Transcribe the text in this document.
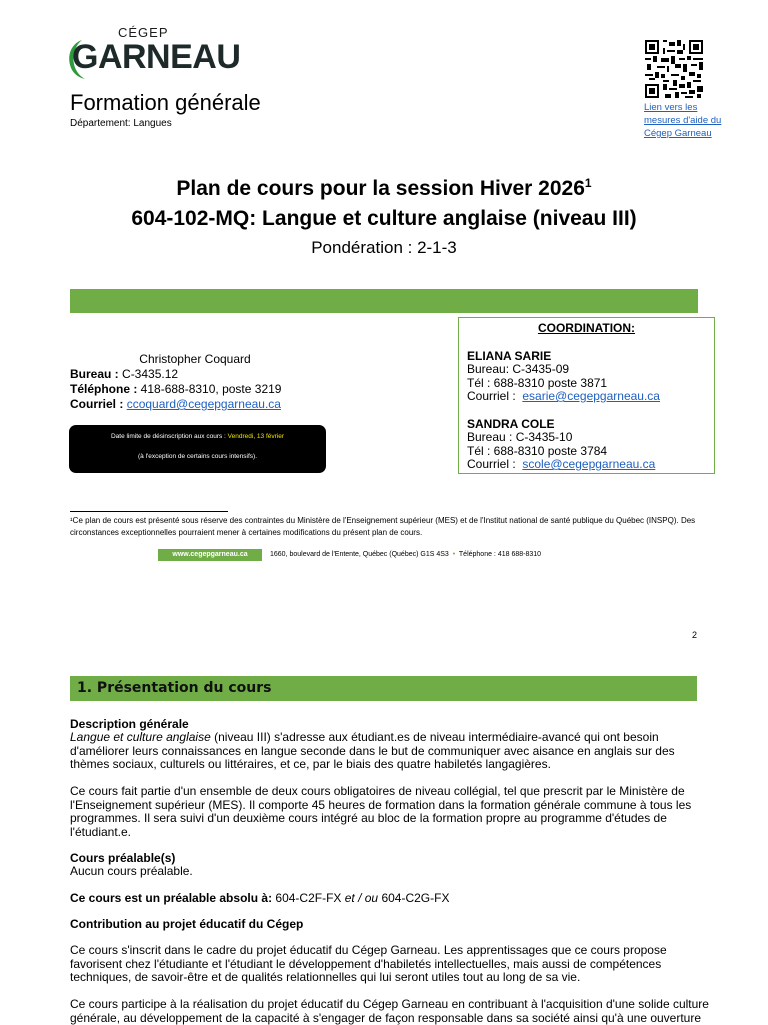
CÉGEP
GARNEAU
Formation générale
Département: Langues
Lien vers les mesures d'aide du Cégep Garneau
Plan de cours pour la session Hiver 2026$^1$
604-102-MQ: Langue et culture anglaise (niveau III)
Pondération : 2-1-3
Christopher Coquard
Bureau : C-3435.12
Téléphone : 418-688-8310, poste 3219
Courriel : ccoquard@cegepgarneau.ca
Date limite de désinscription aux cours : Vendredi, 13 février
(à l'exception de certains cours intensifs).
COORDINATION:
ELIANA SARIE
Bureau: C-3435-09
Tél : 688-8310 poste 3871
Courriel : esarie@cegepgarneau.ca
SANDRA COLE
Bureau : C-3435-10
Tél : 688-8310 poste 3784
Courriel : scole@cegepgarneau.ca
¹Ce plan de cours est présenté sous réserve des contraintes du Ministère de l'Enseignement supérieur (MES) et de l'Institut national de santé publique du Québec (INSPQ). Des circonstances exceptionnelles pourraient mener à certaines modifications du présent plan de cours.
www.cegepgarneau.ca	1660, boulevard de l'Entente, Québec (Québec) G1S 4S3 • Téléphone : 418 688-8310
2
1. Présentation du cours
Description générale
Langue et culture anglaise (niveau III) s'adresse aux étudiant.es de niveau intermédiaire-avancé qui ont besoin d'améliorer leurs connaissances en langue seconde dans le but de communiquer avec aisance en anglais sur des thèmes sociaux, culturels ou littéraires, et ce, par le biais des quatre habiletés langagières.
Ce cours fait partie d'un ensemble de deux cours obligatoires de niveau collégial, tel que prescrit par le Ministère de l'Enseignement supérieur (MES). Il comporte 45 heures de formation dans la formation générale commune à tous les programmes. Il sera suivi d'un deuxième cours intégré au bloc de la formation propre au programme d'études de l'étudiant.e.
Cours préalable(s)
Aucun cours préalable.
Ce cours est un préalable absolu à: 604-C2F-FX et / ou 604-C2G-FX
Contribution au projet éducatif du Cégep
Ce cours s'inscrit dans le cadre du projet éducatif du Cégep Garneau. Les apprentissages que ce cours propose favorisent chez l'étudiante et l'étudiant le développement d'habiletés intellectuelles, mais aussi de compétences techniques, de savoir-être et de qualités relationnelles qui lui seront utiles tout au long de sa vie.
Ce cours participe à la réalisation du projet éducatif du Cégep Garneau en contribuant à l'acquisition d'une solide culture générale, au développement de la capacité à s'engager de façon responsable dans sa société ainsi qu'à une ouverture
